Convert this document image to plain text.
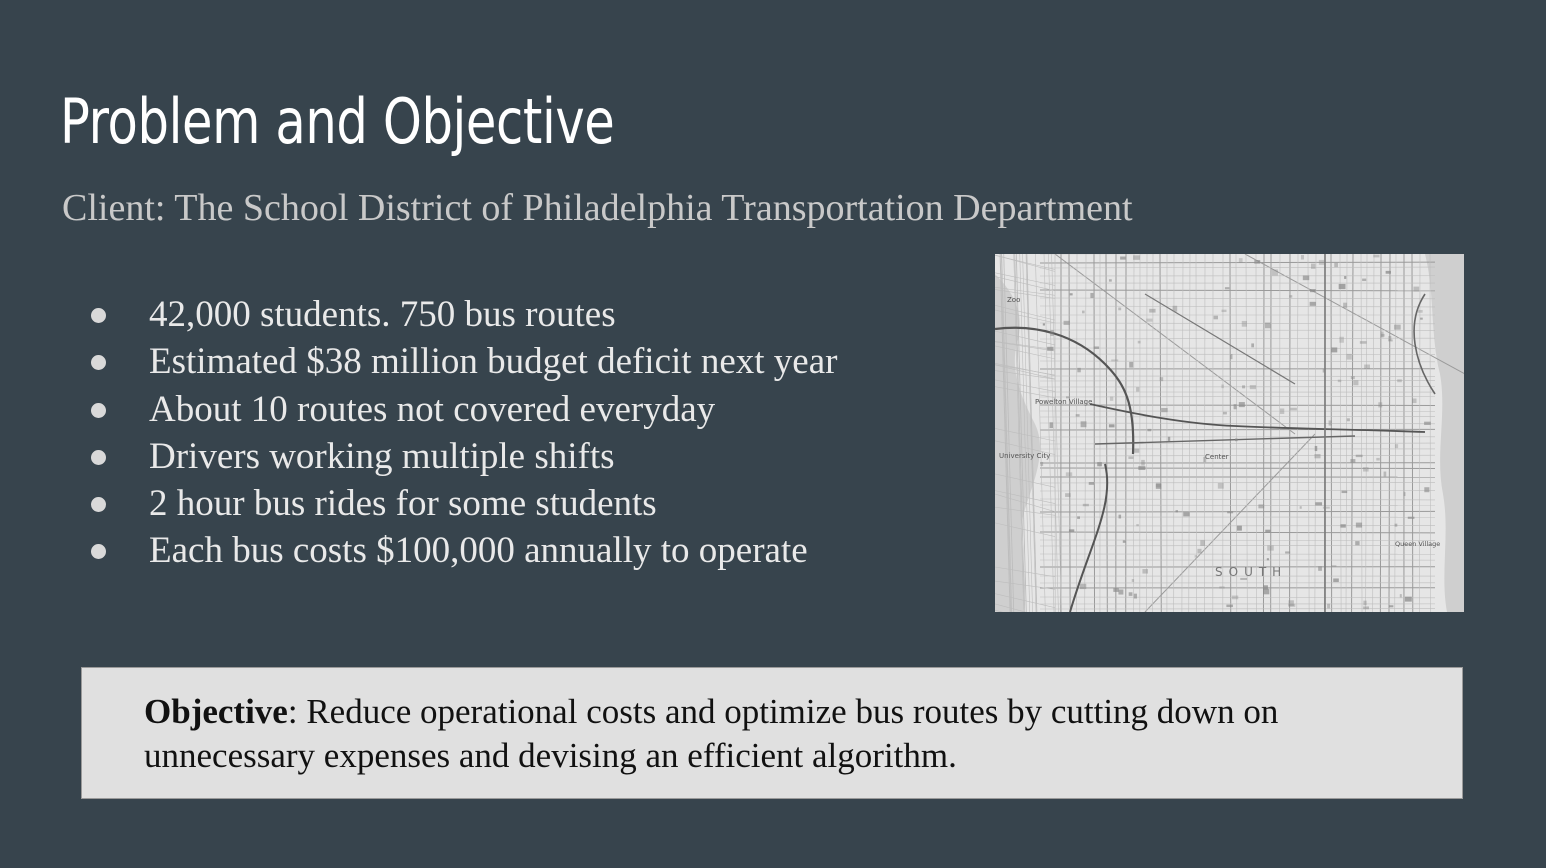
Problem and Objective

Client: The School District of Philadelphia Transportation Department

42,000 students. 750 bus routes
Estimated $38 million budget deficit next year
About 10 routes not covered everyday
Drivers working multiple shifts
2 hour bus rides for some students
Each bus costs $100,000 annually to operate
Zoo
Powelton Village
University City	Center
Queen Village
SOUTH

Objective: Reduce operational costs and optimize bus routes by cutting down on unnecessary expenses and devising an efficient algorithm.
